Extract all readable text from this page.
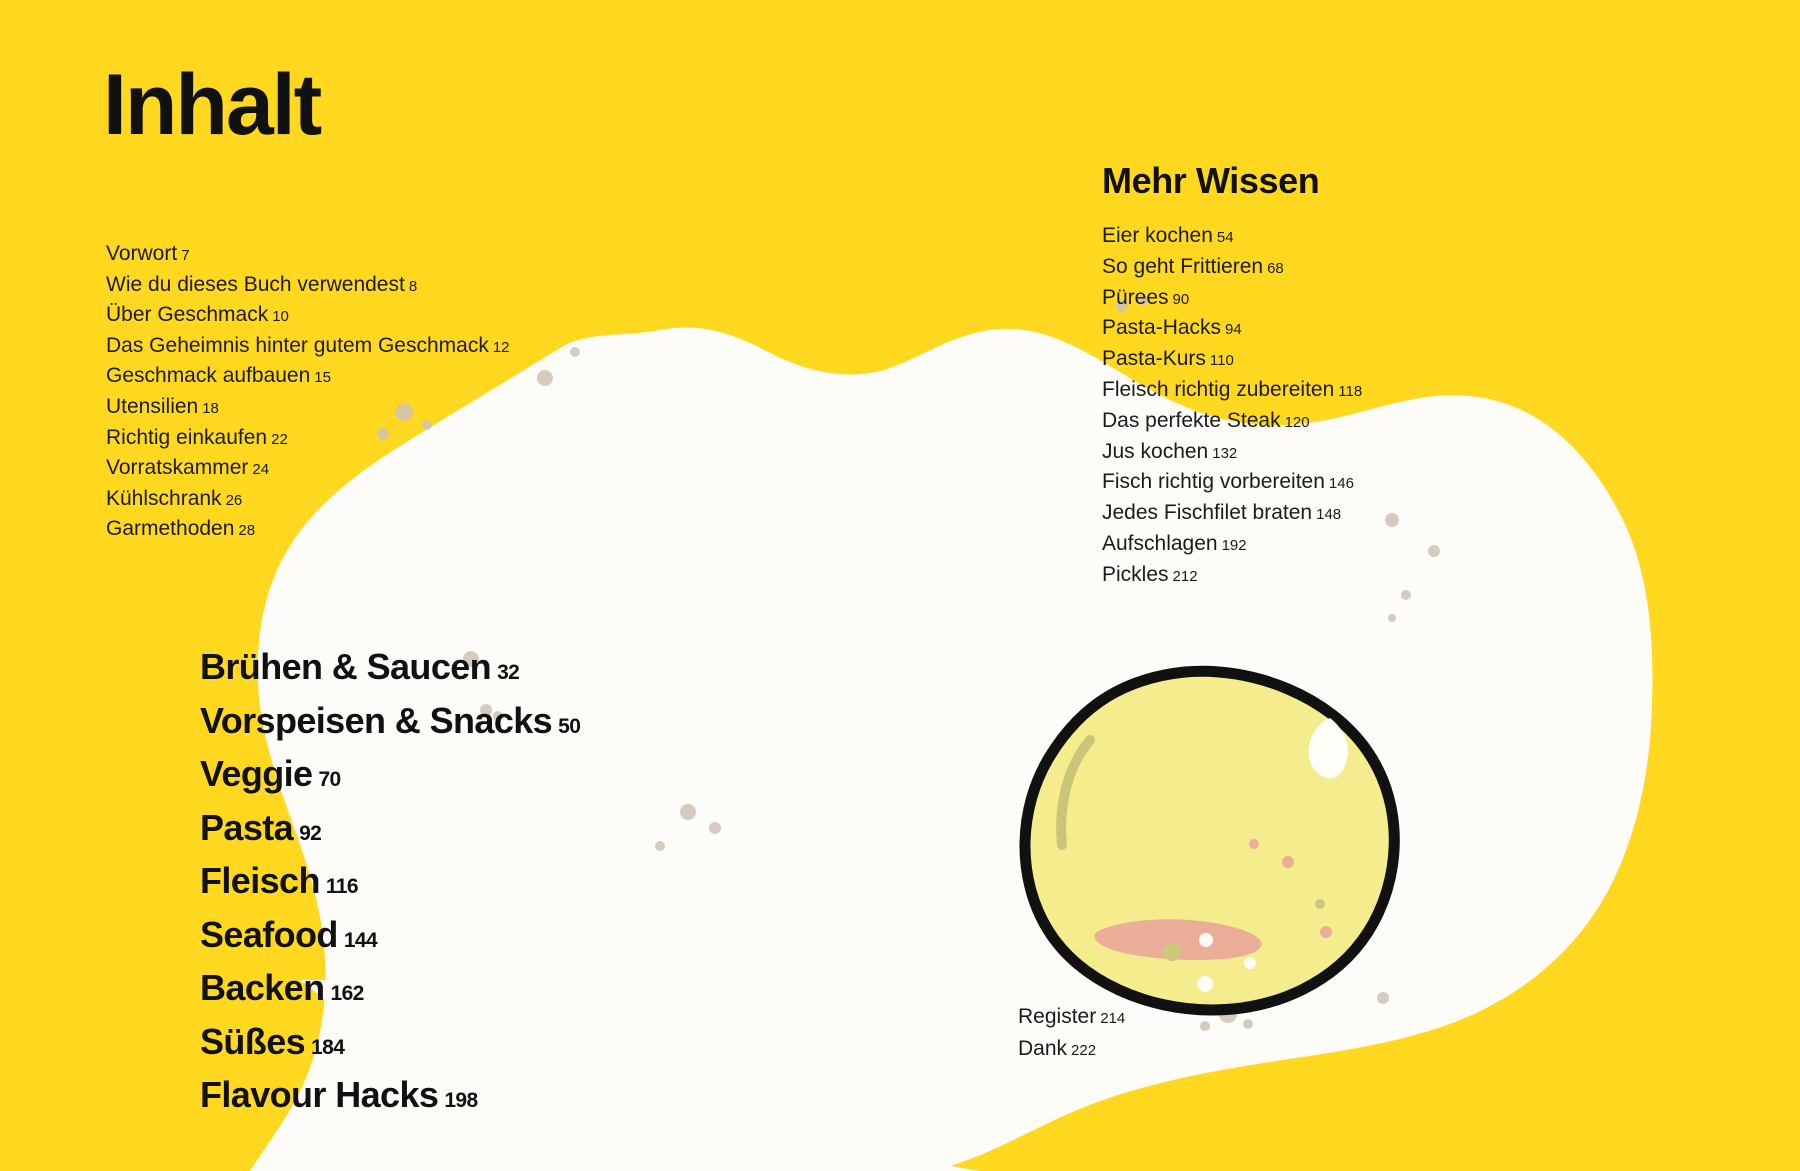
Inhalt
Vorwort 7
Wie du dieses Buch verwendest 8
Über Geschmack 10
Das Geheimnis hinter gutem Geschmack 12
Geschmack aufbauen 15
Utensilien 18
Richtig einkaufen 22
Vorratskammer 24
Kühlschrank 26
Garmethoden 28
Mehr Wissen
Eier kochen 54
So geht Frittieren 68
Pürees 90
Pasta-Hacks 94
Pasta-Kurs 110
Fleisch richtig zubereiten 118
Das perfekte Steak 120
Jus kochen 132
Fisch richtig vorbereiten 146
Jedes Fischfilet braten 148
Aufschlagen 192
Pickles 212
Brühen & Saucen 32
Vorspeisen & Snacks 50
Veggie 70
Pasta 92
Fleisch 116
Seafood 144
Backen 162
Süßes 184
Flavour Hacks 198
Register 214
Dank 222
